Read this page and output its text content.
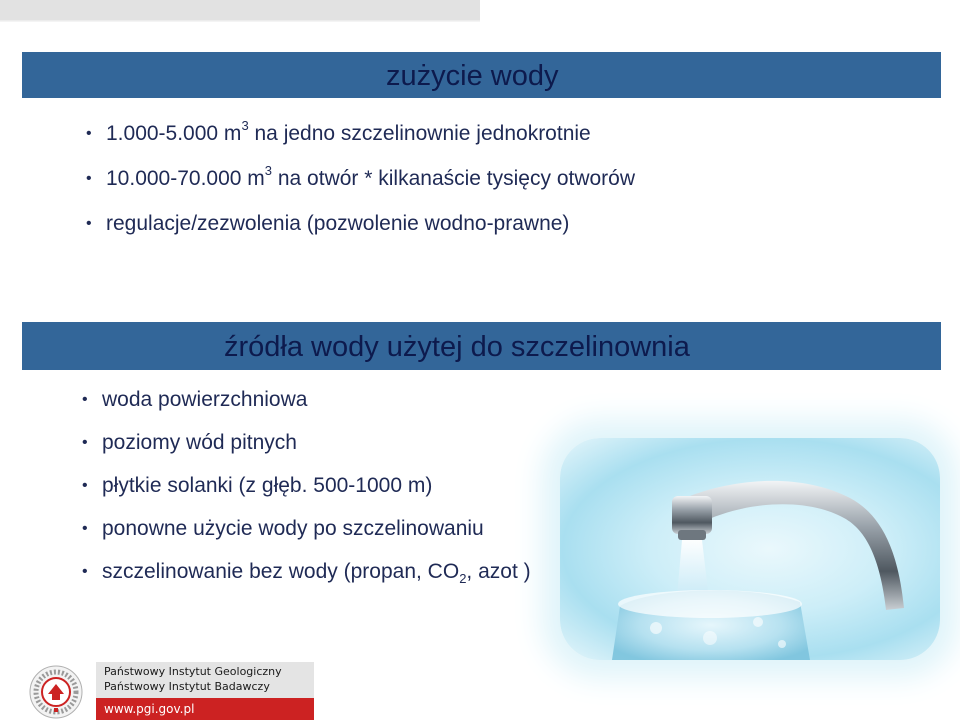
zużycie wody
• 1.000-5.000 $m^3$ na jedno szczelinownie jednokrotnie
• 10.000-70.000 $m^3$ na otwór * kilkanaście tysięcy otworów
• regulacje/zezwolenia (pozwolenie wodno-prawne)
źródła wody użytej do szczelinownia
• woda powierzchniowa
• poziomy wód pitnych
• płytkie solanki (z głęb. 500-1000 m)
• ponowne użycie wody po szczelinowaniu
• szczelinowanie bez wody (propan, $CO_2$, azot )
Państwowy Instytut Geologiczny
Państwowy Instytut Badawczy
www.pgi.gov.pl
